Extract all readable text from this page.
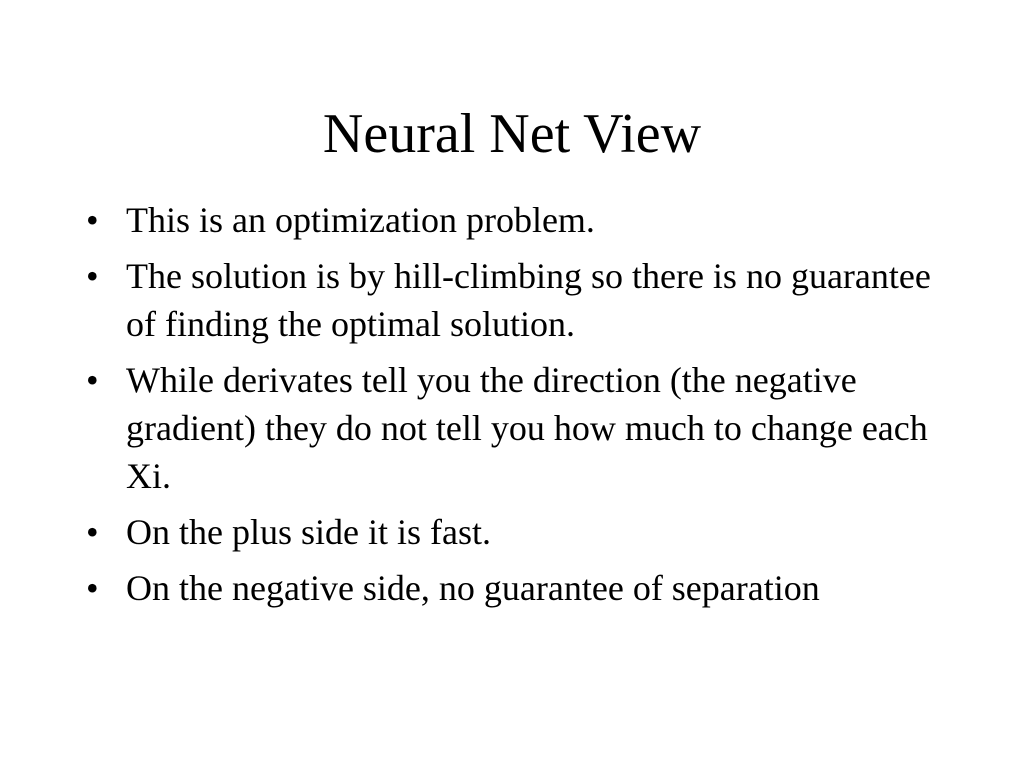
Neural Net View
• This is an optimization problem.
• The solution is by hill-climbing so there is no guarantee of finding the optimal solution.
• While derivates tell you the direction (the negative gradient) they do not tell you how much to change each Xi.
• On the plus side it is fast.
• On the negative side, no guarantee of separation
